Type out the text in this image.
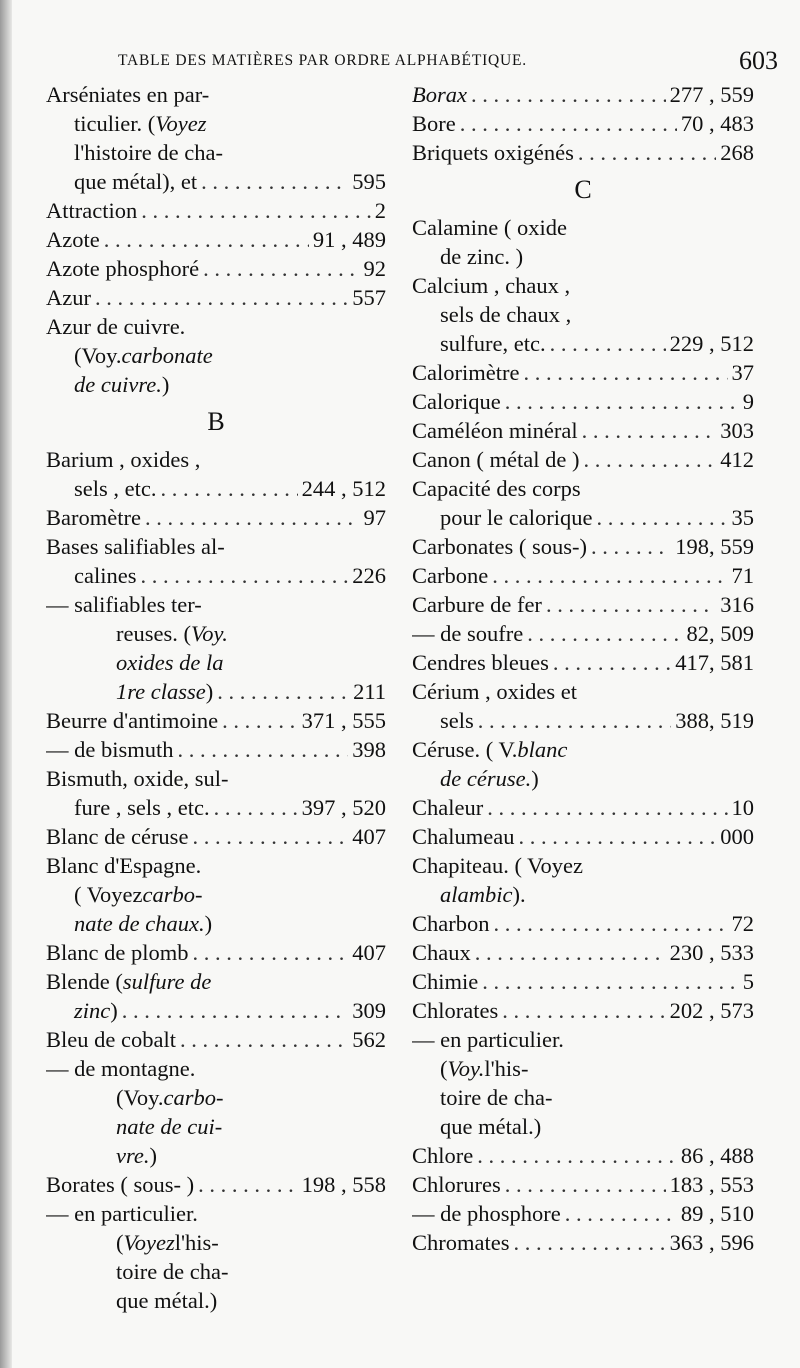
TABLE DES MATIÈRES PAR ORDRE ALPHABÉTIQUE.	603
Arséniates en par-
ticulier. ( Voyez
l'histoire de cha-
que métal), et . . .	595
Attraction . . .	2
Azote . . .	91 , 489
Azote phosphoré . . .	92
Azur . . .	557
Azur de cuivre.
(Voy. carbonate
de cuivre. )
B
Barium , oxides ,
sels , etc. . . .	244 , 512
Baromètre . . .	97
Bases salifiables al-
calines . . .	226
— salifiables ter-
reuses. ( Voy.
oxides de la
1re classe ) . . .	211
Beurre d'antimoine . . .	371 , 555
— de bismuth . . .	398
Bismuth, oxide, sul-
fure , sels , etc. . . .	397 , 520
Blanc de céruse . . .	407
Blanc d'Espagne.
( Voyez carbo-
nate de chaux. )
Blanc de plomb . . .	407
Blende ( sulfure de
zinc ) . . .	309
Bleu de cobalt . . .	562
— de montagne.
(Voy. carbo-
nate de cui-
vre. )
Borates ( sous- ) . . .	198 , 558
— en particulier.
( Voyez l'his-
toire de cha-
que métal.)
Borax . . .	277 , 559
Bore . . .	70 , 483
Briquets oxigénés . . .	268
C
Calamine ( oxide
de zinc. )
Calcium , chaux ,
sels de chaux ,
sulfure, etc. . . .	229 , 512
Calorimètre . . .	37
Calorique . . .	9
Caméléon minéral . . .	303
Canon ( métal de ) . . .	412
Capacité des corps
pour le calorique . . .	35
Carbonates ( sous-) . . .	198, 559
Carbone . . .	71
Carbure de fer . . .	316
— de soufre . . .	82, 509
Cendres bleues . . .	417, 581
Cérium , oxides et
sels . . .	388, 519
Céruse. ( V. blanc
de céruse. )
Chaleur . . .	10
Chalumeau . . .	000
Chapiteau. ( Voyez
alambic ).
Charbon . . .	72
Chaux . . .	230 , 533
Chimie . . .	5
Chlorates . . .	202 , 573
— en particulier.
( Voy. l'his-
toire de cha-
que métal.)
Chlore . . .	86 , 488
Chlorures . . .	183 , 553
— de phosphore . . .	89 , 510
Chromates . . .	363 , 596
